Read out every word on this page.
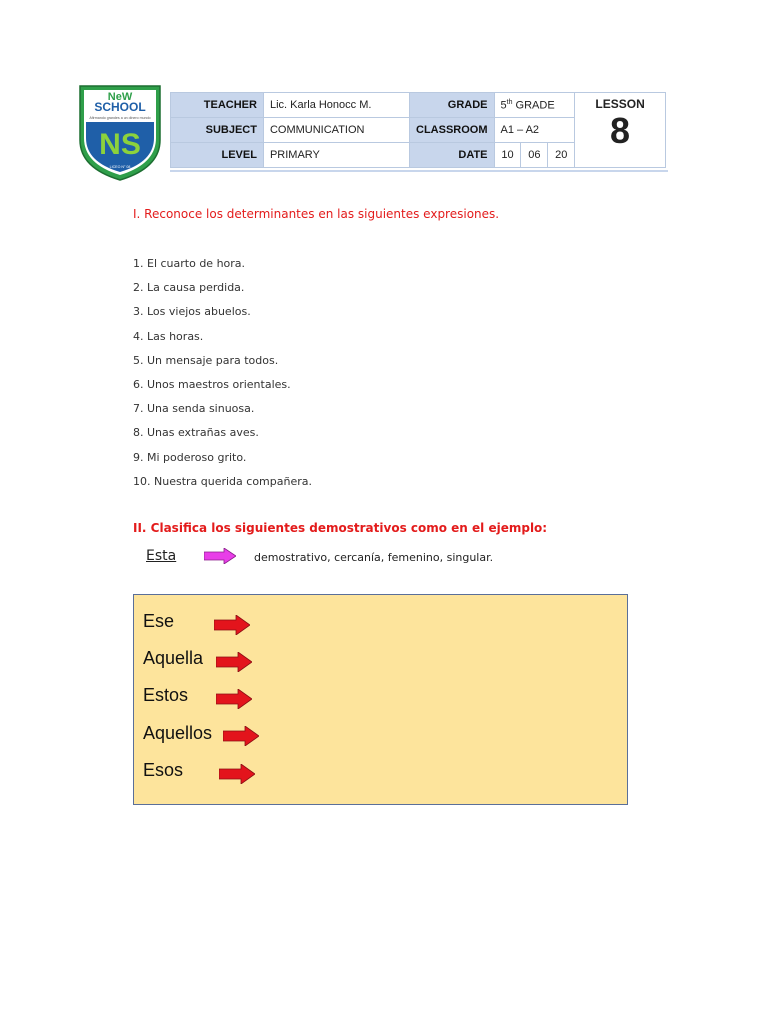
NeW
SCHOOL
Afirmando grandes a un dinero mundo
NS
LICEO N° 08
TEACHER	Lic. Karla Honocc M.	GRADE	5th GRADE			LESSON
8

SUBJECT	COMMUNICATION	CLASSROOM	A1 – A2			
LEVEL	PRIMARY	DATE	10	06	20	
I. Reconoce los determinantes en las siguientes expresiones.
1. El cuarto de hora.
2. La causa perdida.
3. Los viejos abuelos.
4. Las horas.
5. Un mensaje para todos.
6. Unos maestros orientales.
7. Una senda sinuosa.
8. Unas extrañas aves.
9. Mi poderoso grito.
10. Nuestra querida compañera.
II. Clasifica los siguientes demostrativos como en el ejemplo:
Esta	demostrativo, cercanía, femenino, singular.
Ese
Aquella
Estos
Aquellos
Esos
